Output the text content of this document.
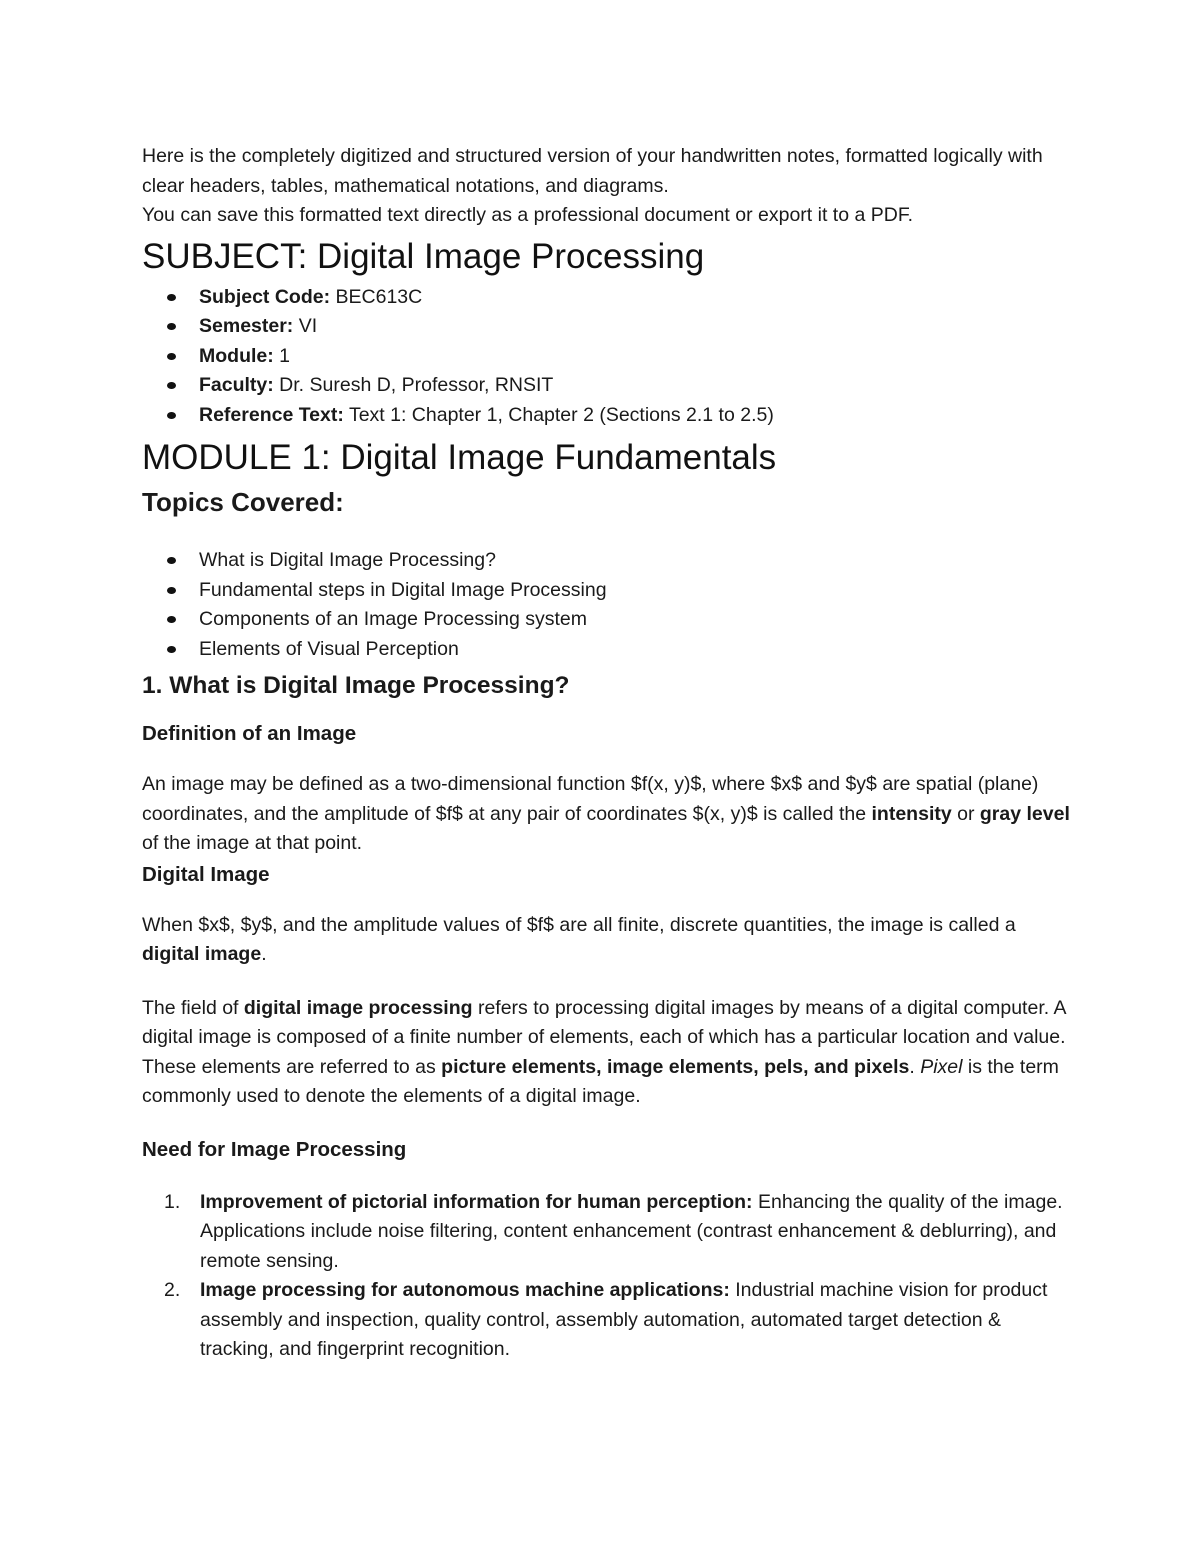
Here is the completely digitized and structured version of your handwritten notes, formatted logically with clear headers, tables, mathematical notations, and diagrams.

You can save this formatted text directly as a professional document or export it to a PDF.

SUBJECT: Digital Image Processing
Subject Code: BEC613C
Semester: VI
Module: 1
Faculty: Dr. Suresh D, Professor, RNSIT
Reference Text: Text 1: Chapter 1, Chapter 2 (Sections 2.1 to 2.5)
MODULE 1: Digital Image Fundamentals
Topics Covered:
What is Digital Image Processing?
Fundamental steps in Digital Image Processing
Components of an Image Processing system
Elements of Visual Perception
1. What is Digital Image Processing?
Definition of an Image

An image may be defined as a two-dimensional function $f(x, y)$, where $x$ and $y$ are spatial (plane) coordinates, and the amplitude of $f$ at any pair of coordinates $(x, y)$ is called the intensity or gray level of the image at that point.

Digital Image

When $x$, $y$, and the amplitude values of $f$ are all finite, discrete quantities, the image is called a digital image.

The field of digital image processing refers to processing digital images by means of a digital computer. A digital image is composed of a finite number of elements, each of which has a particular location and value. These elements are referred to as picture elements, image elements, pels, and pixels. Pixel is the term commonly used to denote the elements of a digital image.

Need for Image Processing
1. Improvement of pictorial information for human perception: Enhancing the quality of the image. Applications include noise filtering, content enhancement (contrast enhancement & deblurring), and remote sensing.
2. Image processing for autonomous machine applications: Industrial machine vision for product assembly and inspection, quality control, assembly automation, automated target detection & tracking, and fingerprint recognition.
